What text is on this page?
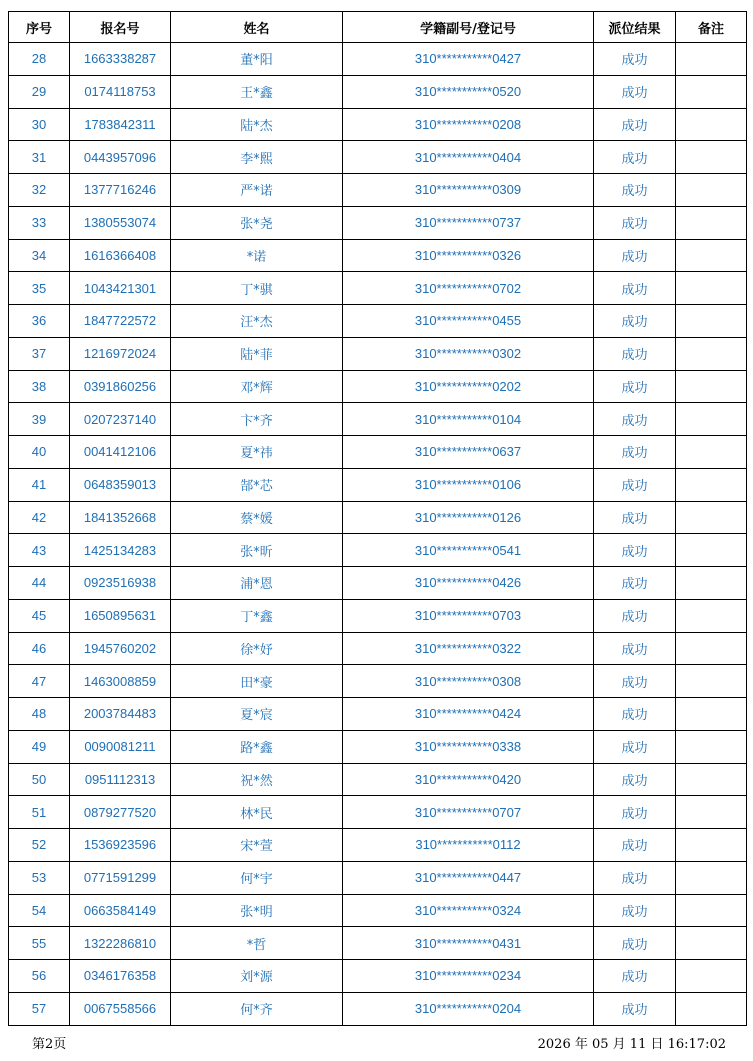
序号	报名号	姓名	学籍副号/登记号	派位结果	备注
28	1663338287	董*阳	310***********0427	成功	
29	0174118753	王*鑫	310***********0520	成功	
30	1783842311	陆*杰	310***********0208	成功	
31	0443957096	李*熙	310***********0404	成功	
32	1377716246	严*诺	310***********0309	成功	
33	1380553074	张*尧	310***********0737	成功	
34	1616366408	*诺	310***********0326	成功	
35	1043421301	丁*骐	310***********0702	成功	
36	1847722572	汪*杰	310***********0455	成功	
37	1216972024	陆*菲	310***********0302	成功	
38	0391860256	邓*辉	310***********0202	成功	
39	0207237140	卞*齐	310***********0104	成功	
40	0041412106	夏*祎	310***********0637	成功	
41	0648359013	郜*芯	310***********0106	成功	
42	1841352668	蔡*媛	310***********0126	成功	
43	1425134283	张*昕	310***********0541	成功	
44	0923516938	浦*恩	310***********0426	成功	
45	1650895631	丁*鑫	310***********0703	成功	
46	1945760202	徐*妤	310***********0322	成功	
47	1463008859	田*豪	310***********0308	成功	
48	2003784483	夏*宸	310***********0424	成功	
49	0090081211	路*鑫	310***********0338	成功	
50	0951112313	祝*然	310***********0420	成功	
51	0879277520	林*民	310***********0707	成功	
52	1536923596	宋*萱	310***********0112	成功	
53	0771591299	何*宇	310***********0447	成功	
54	0663584149	张*明	310***********0324	成功	
55	1322286810	*哲	310***********0431	成功	
56	0346176358	刘*源	310***********0234	成功	
57	0067558566	何*齐	310***********0204	成功	
第2页	2026 年 05 月 11 日 16:17:02
